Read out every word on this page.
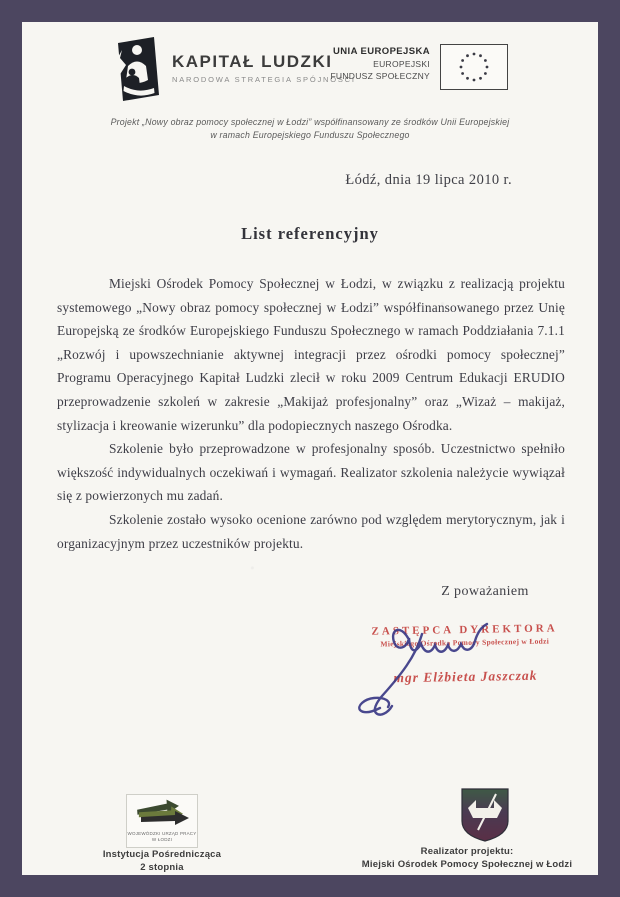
KAPITAŁ LUDZKI
NARODOWA STRATEGIA SPÓJNOŚCI
UNIA EUROPEJSKA
EUROPEJSKI
FUNDUSZ SPOŁECZNY
Projekt „Nowy obraz pomocy społecznej w Łodzi” współfinansowany ze środków Unii Europejskiej
w ramach Europejskiego Funduszu Społecznego
Łódź, dnia 19 lipca 2010 r.
List referencyjny

Miejski Ośrodek Pomocy Społecznej w Łodzi, w związku z realizacją projektu systemowego „Nowy obraz pomocy społecznej w Łodzi” współfinansowanego przez Unię Europejską ze środków Europejskiego Funduszu Społecznego w ramach Poddziałania 7.1.1 „Rozwój i upowszechnianie aktywnej integracji przez ośrodki pomocy społecznej” Programu Operacyjnego Kapitał Ludzki zlecił w roku 2009 Centrum Edukacji ERUDIO przeprowadzenie szkoleń w zakresie „Makijaż profesjonalny” oraz „Wizaż – makijaż, stylizacja i kreowanie wizerunku” dla podopiecznych naszego Ośrodka.

Szkolenie było przeprowadzone w profesjonalny sposób. Uczestnictwo spełniło większość indywidualnych oczekiwań i wymagań. Realizator szkolenia należycie wywiązał się z powierzonych mu zadań.

Szkolenie zostało wysoko ocenione zarówno pod względem merytorycznym, jak i organizacyjnym przez uczestników projektu.

Z poważaniem
ZASTĘPCA DYREKTORA
Miejskiego Ośrodka Pomocy Społecznej w Łodzi
mgr Elżbieta Jaszczak
WOJEWÓDZKI URZĄD PRACY W ŁODZI
Instytucja Pośrednicząca
2 stopnia
Realizator projektu:
Miejski Ośrodek Pomocy Społecznej w Łodzi
